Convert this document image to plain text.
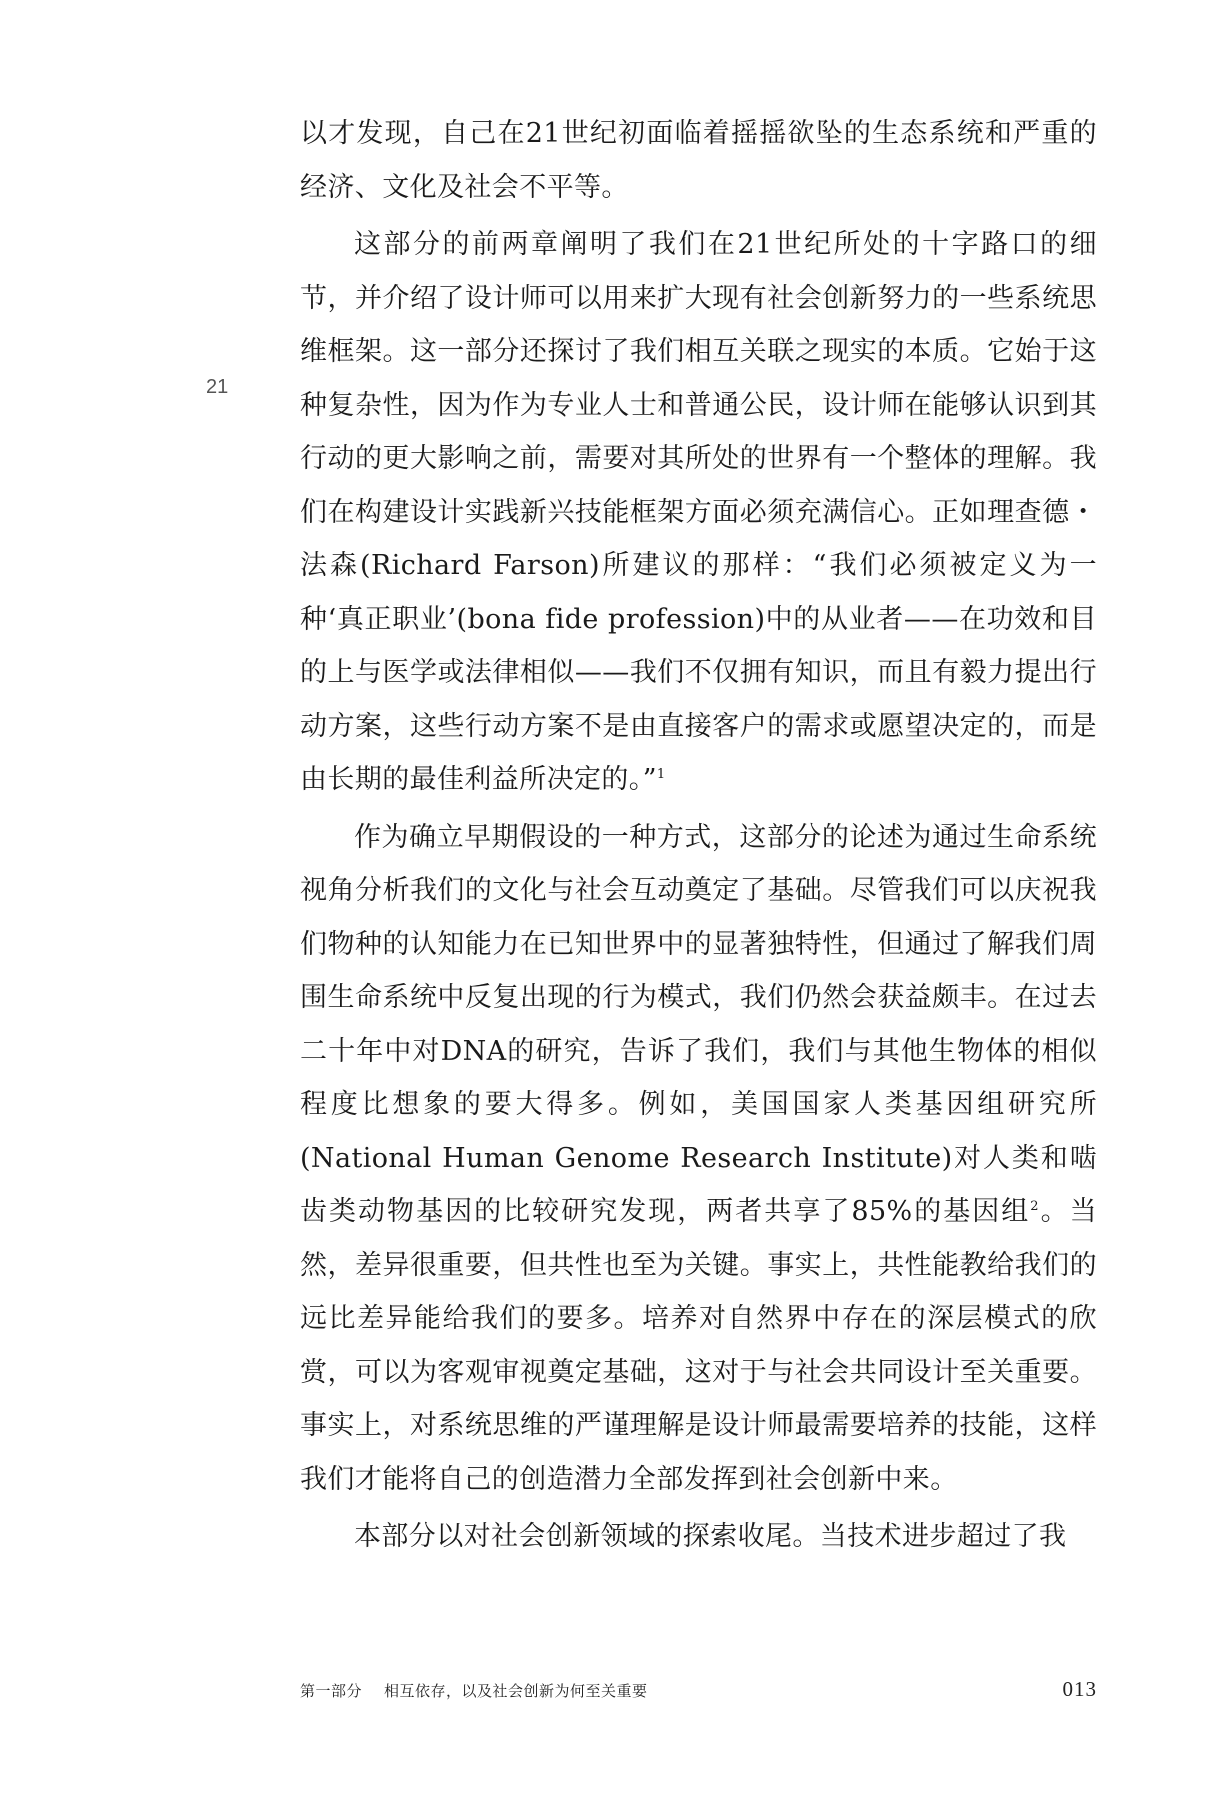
21

以才发现，自己在21世纪初面临着摇摇欲坠的生态系统和严重的经济、文化及社会不平等。

这部分的前两章阐明了我们在21世纪所处的十字路口的细节，并介绍了设计师可以用来扩大现有社会创新努力的一些系统思维框架。这一部分还探讨了我们相互关联之现实的本质。它始于这种复杂性，因为作为专业人士和普通公民，设计师在能够认识到其行动的更大影响之前，需要对其所处的世界有一个整体的理解。我们在构建设计实践新兴技能框架方面必须充满信心。正如理查德・法森(Richard Farson)所建议的那样：“我们必须被定义为一种‘真正职业’(bona fide profession)中的从业者——在功效和目的上与医学或法律相似——我们不仅拥有知识，而且有毅力提出行动方案，这些行动方案不是由直接客户的需求或愿望决定的，而是由长期的最佳利益所决定的。”$^1$

作为确立早期假设的一种方式，这部分的论述为通过生命系统视角分析我们的文化与社会互动奠定了基础。尽管我们可以庆祝我们物种的认知能力在已知世界中的显著独特性，但通过了解我们周围生命系统中反复出现的行为模式，我们仍然会获益颇丰。在过去二十年中对DNA的研究，告诉了我们，我们与其他生物体的相似程度比想象的要大得多。例如，美国国家人类基因组研究所(National Human Genome Research Institute)对人类和啮齿类动物基因的比较研究发现，两者共享了85%的基因组$^2$。当然，差异很重要，但共性也至为关键。事实上，共性能教给我们的远比差异能给我们的要多。培养对自然界中存在的深层模式的欣赏，可以为客观审视奠定基础，这对于与社会共同设计至关重要。事实上，对系统思维的严谨理解是设计师最需要培养的技能，这样我们才能将自己的创造潜力全部发挥到社会创新中来。

本部分以对社会创新领域的探索收尾。当技术进步超过了我

第一部分 相互依存，以及社会创新为何至关重要	013
